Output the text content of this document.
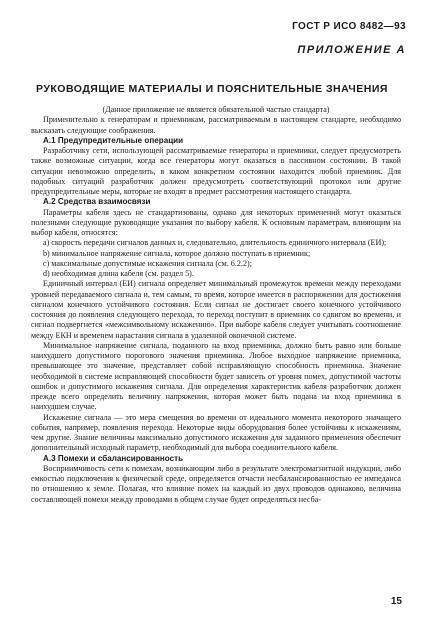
ГОСТ Р ИСО 8482—93
ПРИЛОЖЕНИЕ А
РУКОВОДЯЩИЕ МАТЕРИАЛЫ И ПОЯСНИТЕЛЬНЫЕ ЗНАЧЕНИЯ

(Данное приложение не является обязательной частью стандарта)

Применительно к генераторам и приемникам, рассматриваемым в настоящем стандарте, необходимо высказать следующие соображения.

А.1 Предупредительные операции

Разработчику сети, использующей рассматриваемые генераторы и приемники, следует предусмотреть также возможные ситуации, когда все генераторы могут оказаться в пассивном состоянии. В такой ситуации невозможно определить, в каком конкретном состоянии находится любой приемник. Для подобных ситуаций разработчик должен предусмотреть соответствующий протокол или другие предупредительные меры, которые не входят в предмет рассмотрения настоящего стандарта.

А.2 Средства взаимосвязи

Параметры кабеля здесь не стандартизованы, однако для некоторых применений могут оказаться полезными следующие руководящие указания по выбору кабеля. К основным параметрам, влияющим на выбор кабеля, относятся:

a) скорость передачи сигналов данных и, следовательно, длительность единичного интервала (ЕИ);
b) минимальное напряжение сигнала, которое должно поступать в приемник;
c) максимальные допустимые искажения сигнала (см. 6.2.2);
d) необходимая длина кабеля (см. раздел 5).

Единичный интервал (ЕИ) сигнала определяет минимальный промежуток времени между переходами уровней передаваемого сигнала и, тем самым, то время, которое имеется в распоряжении для достижения сигналом конечного устойчивого состояния. Если сигнал не достигает своего конечного устойчивого состояния до появления следующего перехода, то переход поступит в приемник со сдвигом во времени, и сигнал подвергнется «межсимвольному искажению». При выборе кабеля следует учитывать соотношение между ЕКН и временем нарастания сигнала в удаленной оконечной системе.

Минимальное напряжение сигнала, поданного на вход приемника, должно быть равно или больше наихудшего допустимого порогового значения приемника. Любое выходное напряжение приемника, превышающее это значение, представляет собой исправляющую способность приемника. Значение необходимой в системе исправляющей способности будет зависеть от уровня помех, допустимой частоты ошибок и допустимого искажения сигнала. Для определения характеристик кабеля разработчик должен прежде всего определить величину напряжения, которая может быть подана на вход приемника в наихудшем случае.

Искажение сигнала — это мера смещения во времени от идеального момента некоторого значащего события, например, появления перехода. Некоторые виды оборудования более устойчивы к искажениям, чем другие. Знание величины максимально допустимого искажения для заданного применения обеспечит дополнительный исходный параметр, необходимый для выбора соединительного кабеля.

А.3 Помехи и сбалансированность

Восприимчивость сети к помехам, возникающим либо в результате электромагнитной индукции, либо емкостью подключения к физической среде, определяется отчасти несбалансированностью ее импеданса по отношению к земле. Полагая, что влияние помех на каждый из двух проводов одинаково, величина составляющей помехи между проводами в общем случае будет определяться несба-

15
